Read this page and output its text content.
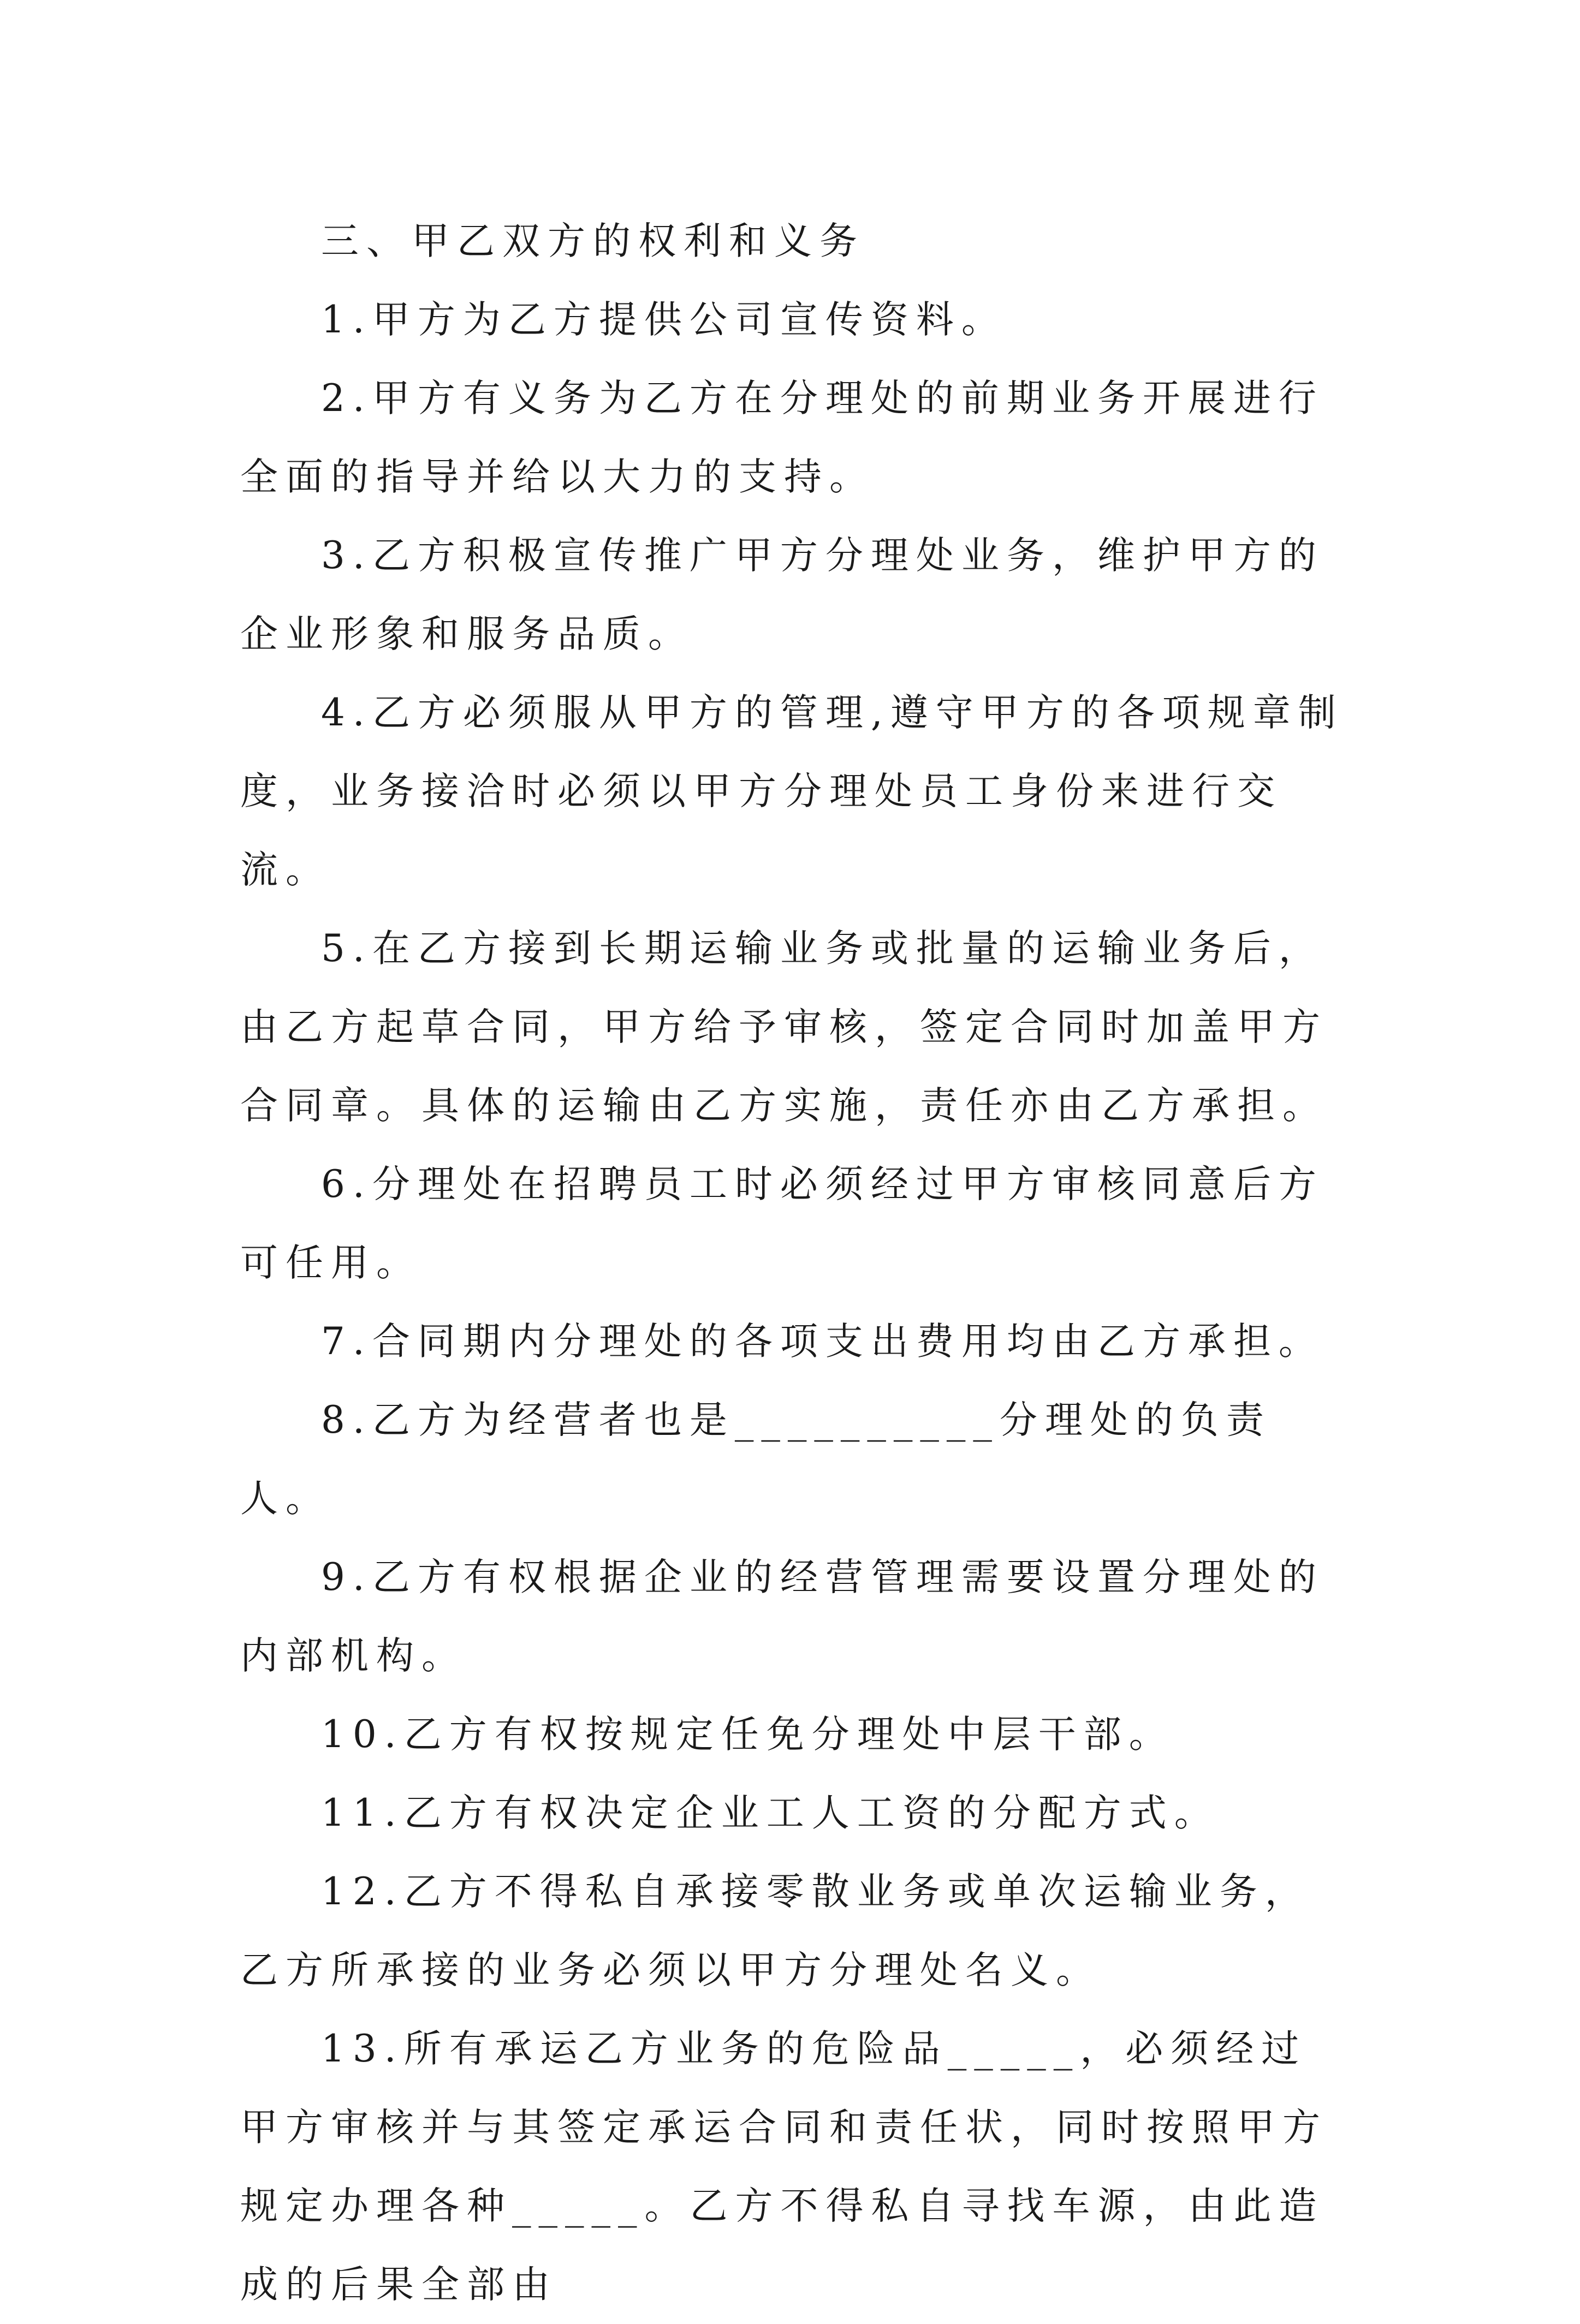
三、甲乙双方的权利和义务

1.甲方为乙方提供公司宣传资料。

2.甲方有义务为乙方在分理处的前期业务开展进行全面的指导并给以大力的支持。

3.乙方积极宣传推广甲方分理处业务，维护甲方的企业形象和服务品质。

4.乙方必须服从甲方的管理,遵守甲方的各项规章制度，业务接洽时必须以甲方分理处员工身份来进行交流。

5.在乙方接到长期运输业务或批量的运输业务后，由乙方起草合同，甲方给予审核，签定合同时加盖甲方合同章。具体的运输由乙方实施，责任亦由乙方承担。

6.分理处在招聘员工时必须经过甲方审核同意后方可任用。

7.合同期内分理处的各项支出费用均由乙方承担。

8.乙方为经营者也是__________分理处的负责人。

9.乙方有权根据企业的经营管理需要设置分理处的内部机构。

10.乙方有权按规定任免分理处中层干部。

11.乙方有权决定企业工人工资的分配方式。

12.乙方不得私自承接零散业务或单次运输业务，乙方所承接的业务必须以甲方分理处名义。

13.所有承运乙方业务的危险品_____，必须经过甲方审核并与其签定承运合同和责任状，同时按照甲方规定办理各种_____。乙方不得私自寻找车源，由此造成的后果全部由
